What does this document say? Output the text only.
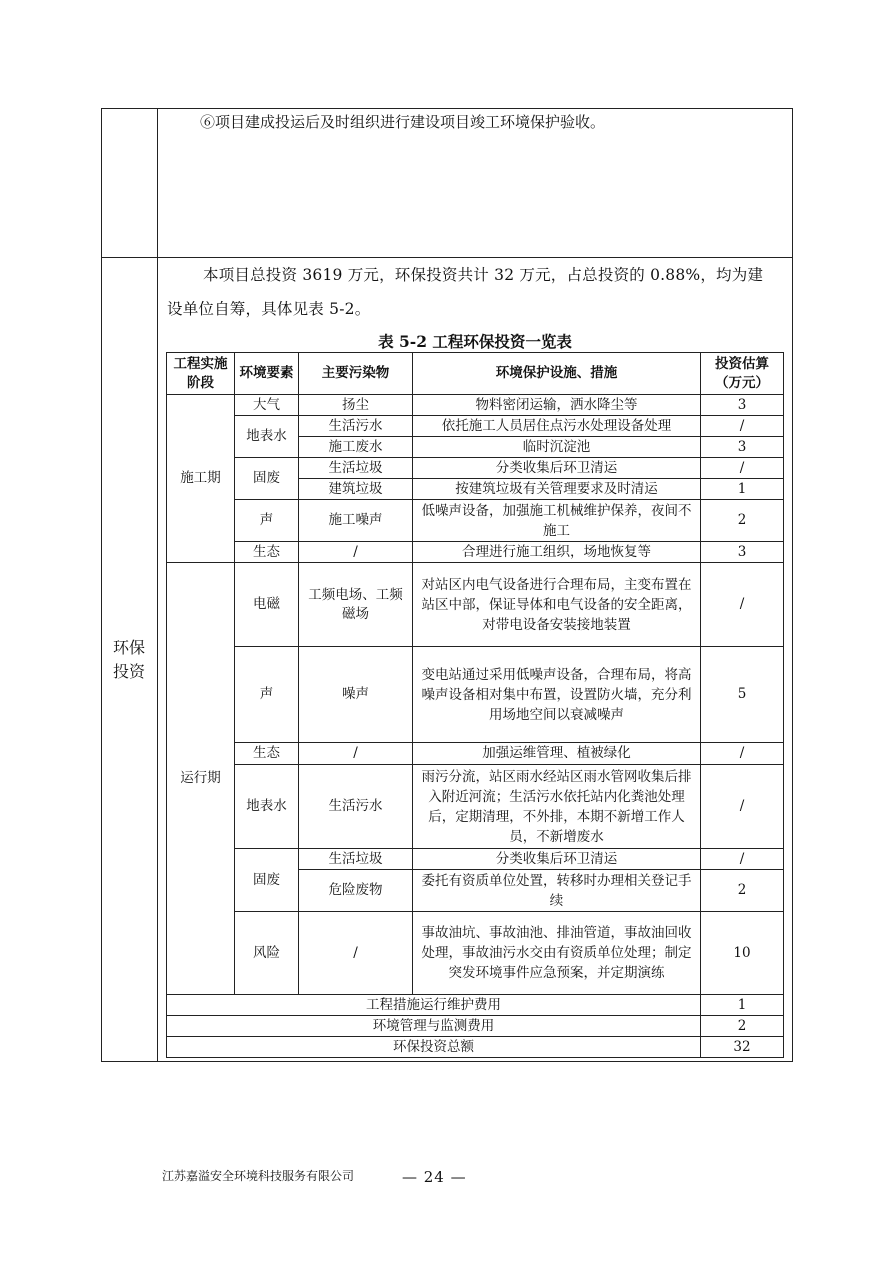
⑥项目建成投运后及时组织进行建设项目竣工环境保护验收。
环保
投资
本项目总投资 3619 万元，环保投资共计 32 万元，占总投资的 0.88%，均为建设单位自筹，具体见表 5-2。
表 5-2 工程环保投资一览表
工程实施阶段	环境要素	主要污染物	环境保护设施、措施	投资估算（万元）
施工期	大气	扬尘	物料密闭运输，洒水降尘等	3
	地表水	生活污水	依托施工人员居住点污水处理设备处理	/
		施工废水	临时沉淀池	3
	固废	生活垃圾	分类收集后环卫清运	/
		建筑垃圾	按建筑垃圾有关管理要求及时清运	1
	声	施工噪声	低噪声设备，加强施工机械维护保养，夜间不施工	2
	生态	/	合理进行施工组织，场地恢复等	3
运行期	电磁	工频电场、工频磁场	对站区内电气设备进行合理布局，主变布置在站区中部，保证导体和电气设备的安全距离，对带电设备安装接地装置	/
	声	噪声	变电站通过采用低噪声设备，合理布局，将高噪声设备相对集中布置，设置防火墙，充分利用场地空间以衰减噪声	5
	生态	/	加强运维管理、植被绿化	/
	地表水	生活污水	雨污分流，站区雨水经站区雨水管网收集后排入附近河流；生活污水依托站内化粪池处理后，定期清理，不外排，本期不新增工作人员，不新增废水	/
	固废	生活垃圾	分类收集后环卫清运	/
		危险废物	委托有资质单位处置，转移时办理相关登记手续	2
	风险	/	事故油坑、事故油池、排油管道，事故油回收处理，事故油污水交由有资质单位处理；制定突发环境事件应急预案，并定期演练	10
工程措施运行维护费用				1
环境管理与监测费用				2
环保投资总额				32
江苏嘉溢安全环境科技服务有限公司	— 24 —
